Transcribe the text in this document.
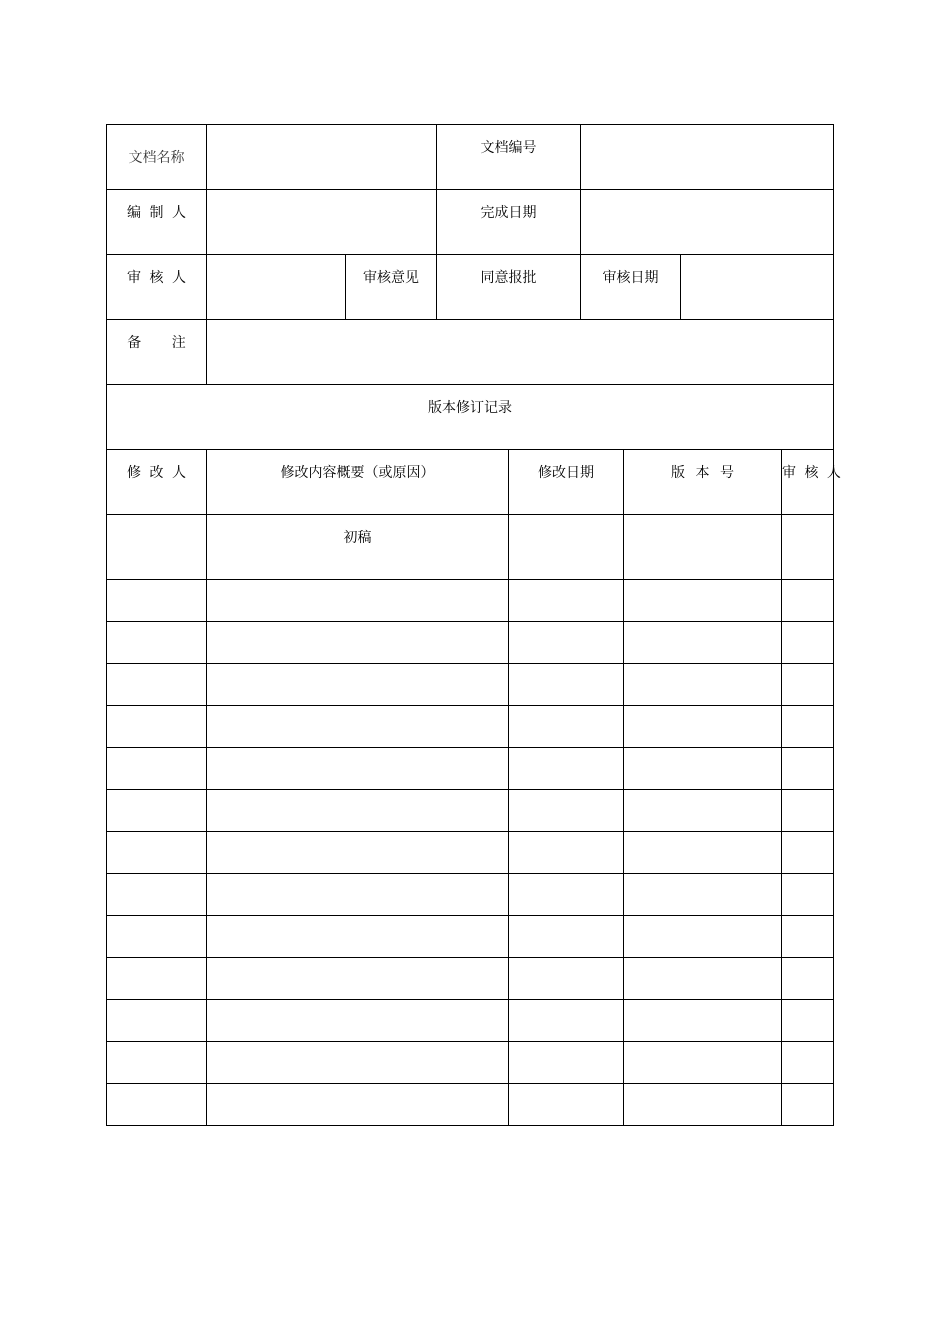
文档名称			文档编号					
编 制 人			完成日期					
审 核 人		审核意见	同意报批		审核日期			
备 注								
版本修订记录								
修 改 人	修改内容概要（或原因）			修改日期		版 本 号		审 核 人
	初稿							
